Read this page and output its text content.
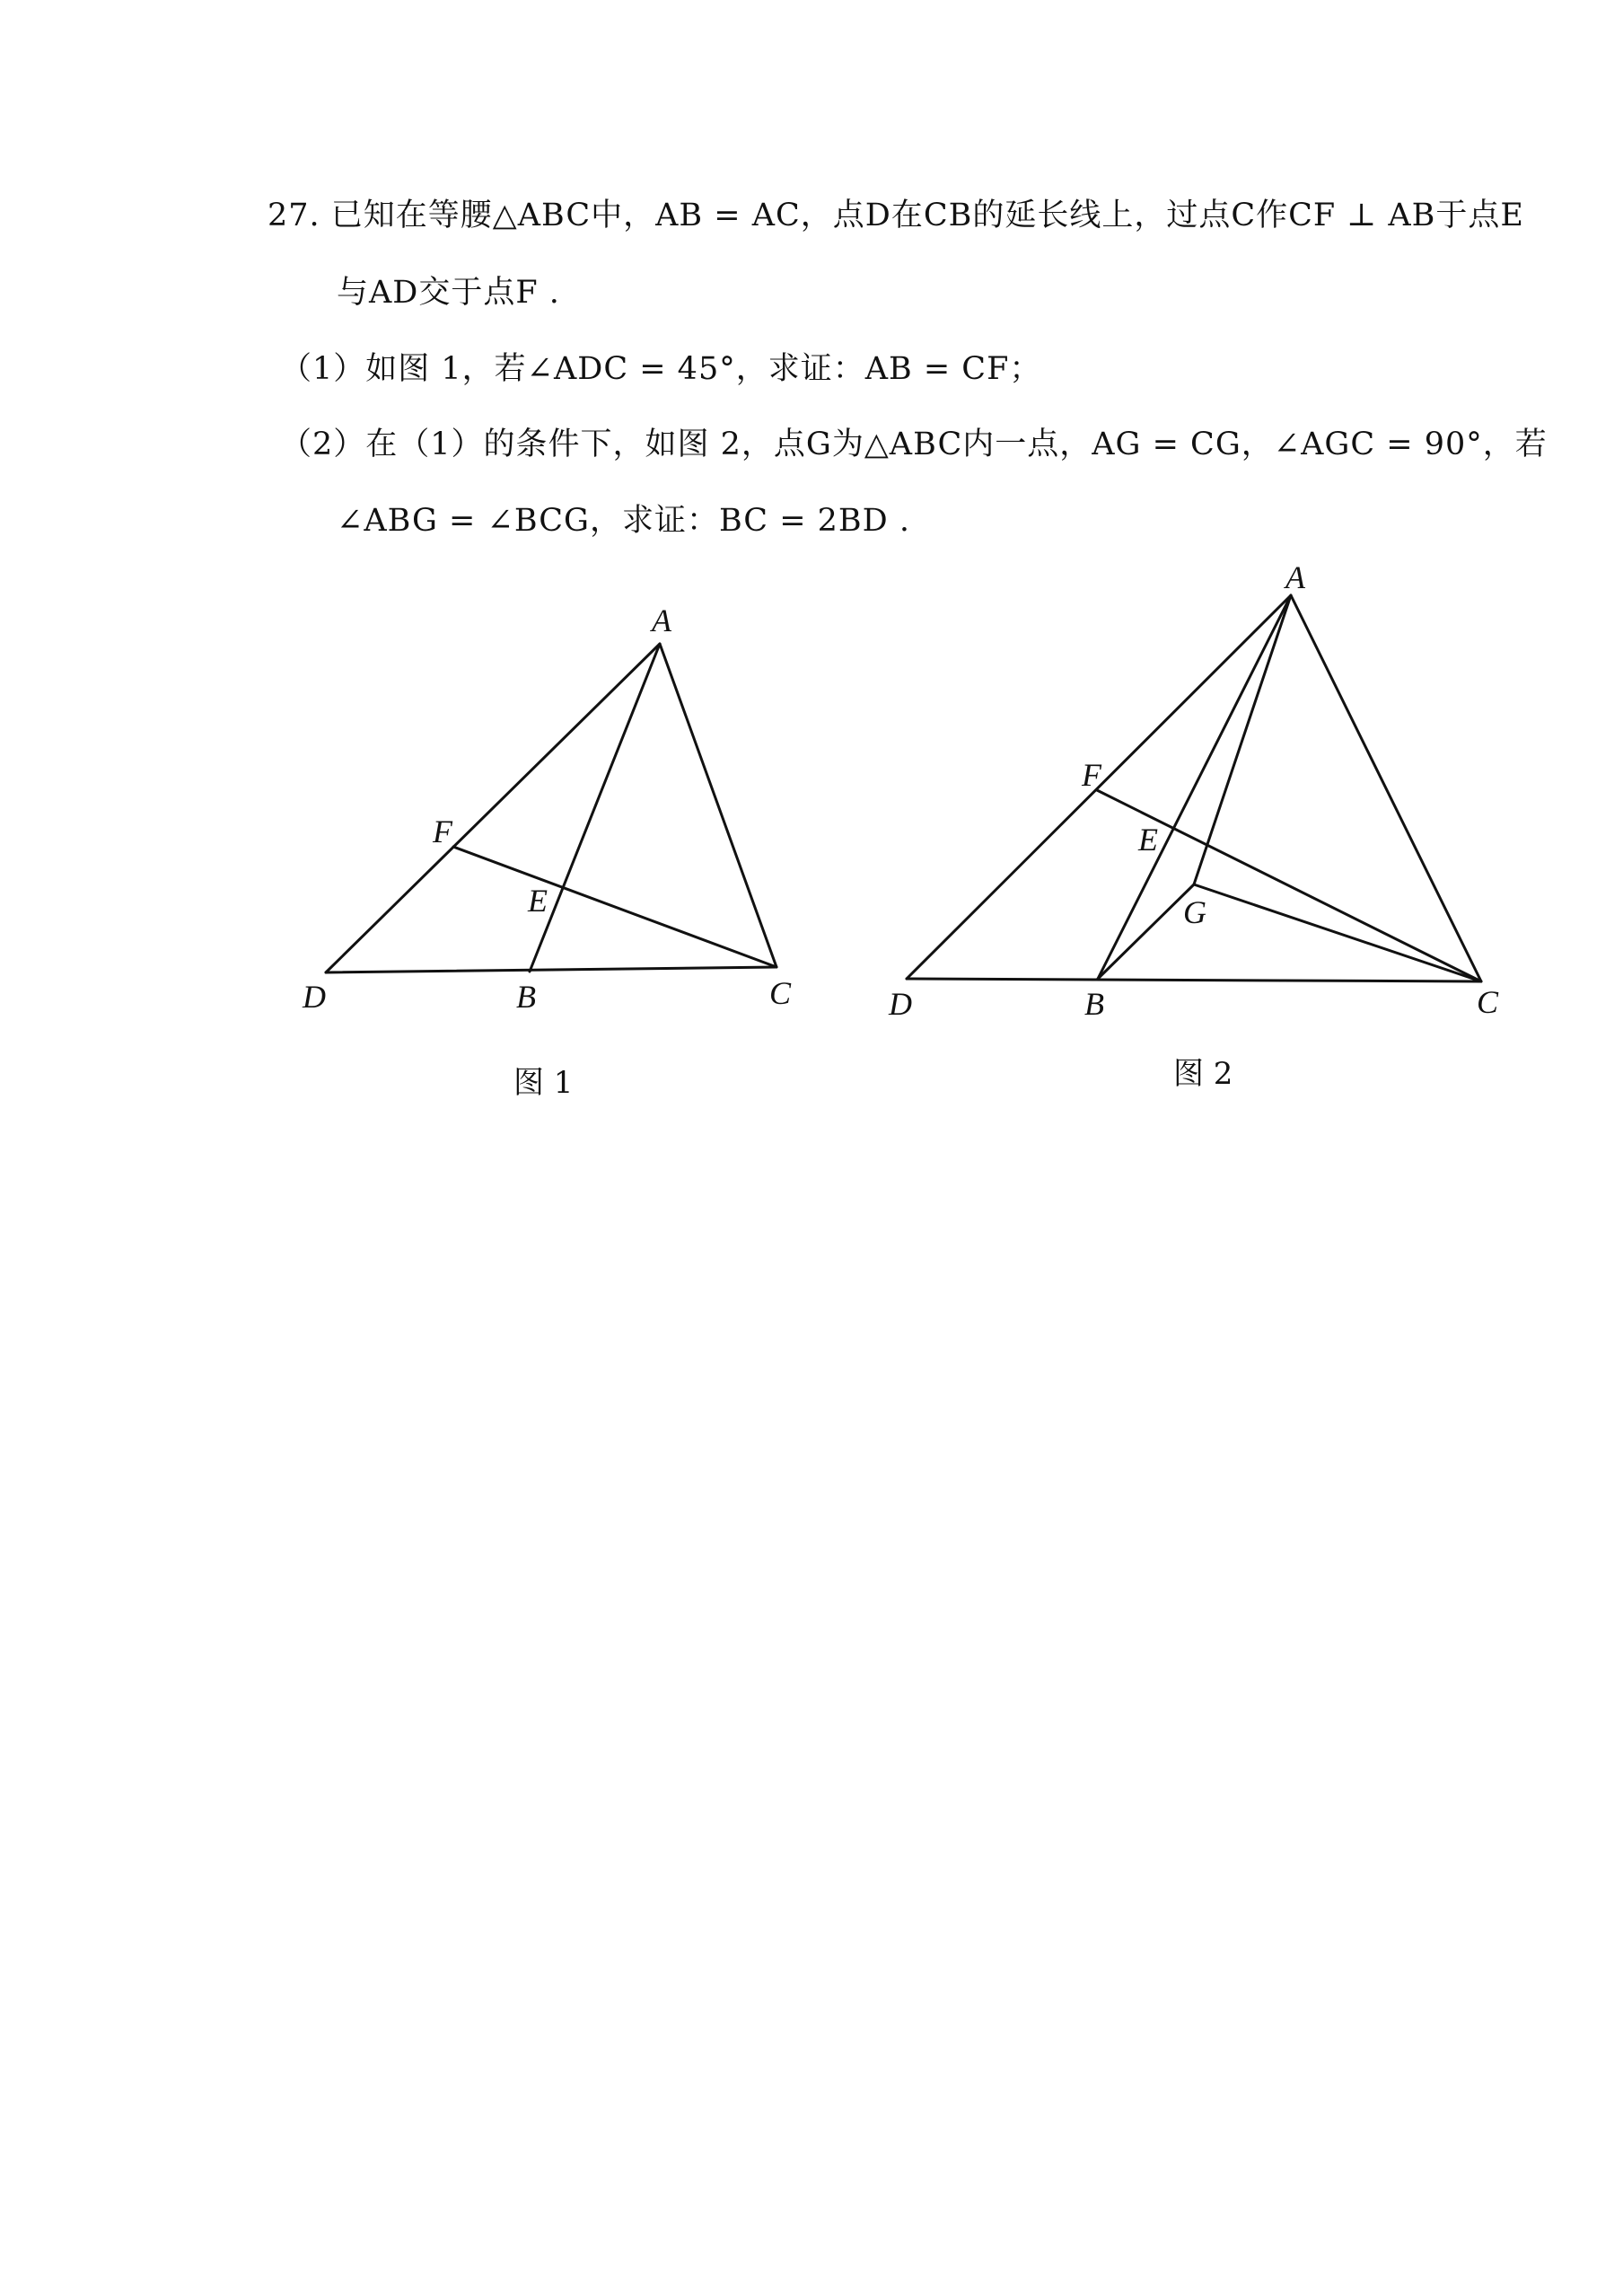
27. 已知在等腰△ABC中，AB = AC，点D在CB的延长线上，过点C作CF ⊥ AB于点E
与AD交于点F .
（1）如图 1，若∠ADC = 45°，求证：AB = CF；
（2）在（1）的条件下，如图 2，点G为△ABC内一点，AG = CG，∠AGC = 90°，若
∠ABG = ∠BCG，求证：BC = 2BD .
A
F
E
D	B	C
A
F
E
G
D	B	C
图 1	图 2
